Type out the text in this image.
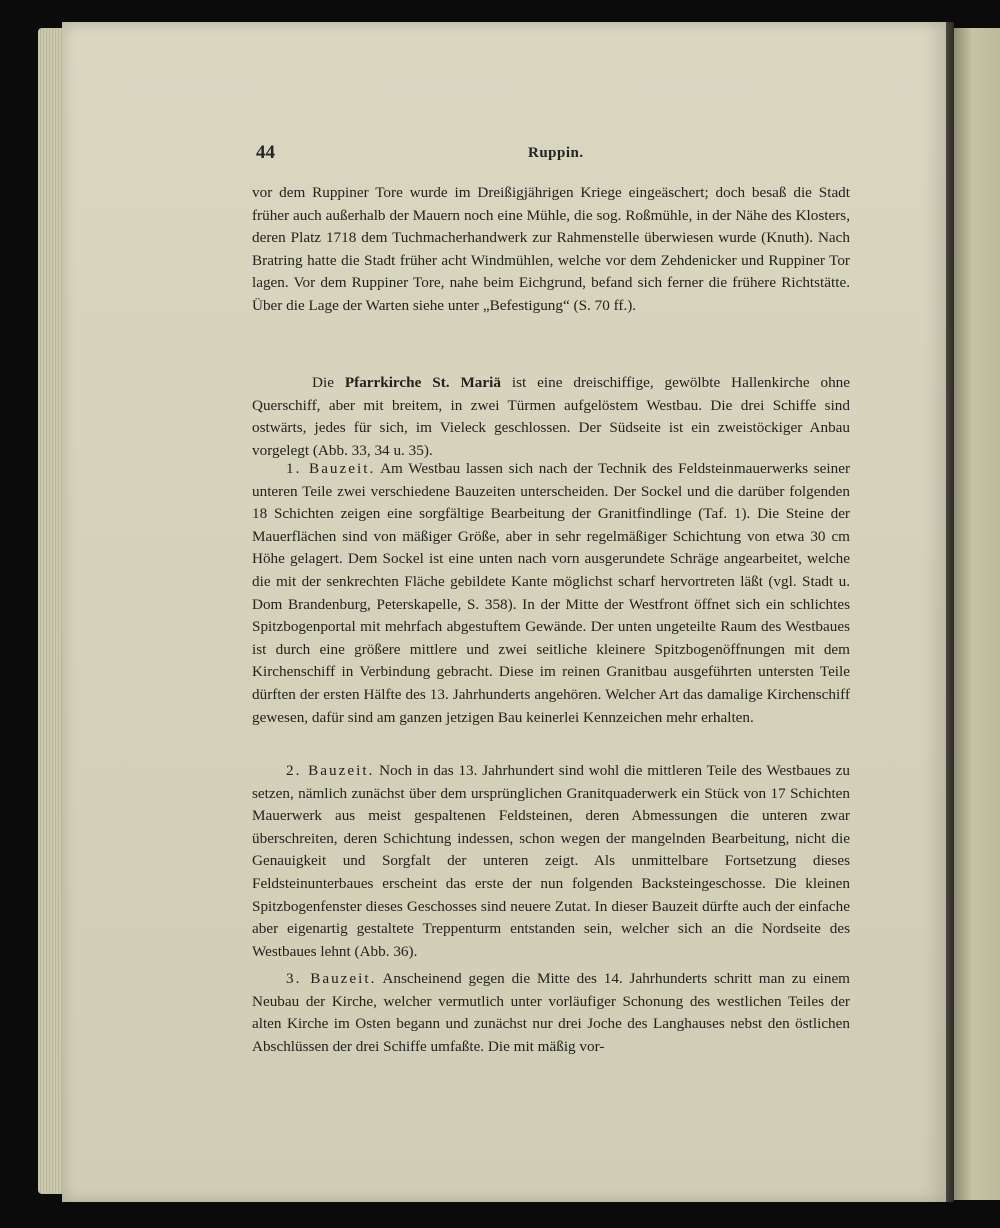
44	Ruppin.

vor dem Ruppiner Tore wurde im Dreißigjährigen Kriege eingeäschert; doch besaß die Stadt früher auch außerhalb der Mauern noch eine Mühle, die sog. Roßmühle, in der Nähe des Klosters, deren Platz 1718 dem Tuchmacherhandwerk zur Rahmenstelle überwiesen wurde (Knuth). Nach Bratring hatte die Stadt früher acht Windmühlen, welche vor dem Zehdenicker und Ruppiner Tor lagen. Vor dem Ruppiner Tore, nahe beim Eichgrund, befand sich ferner die frühere Richtstätte. Über die Lage der Warten siehe unter „Befestigung“ (S. 70 ff.).

Die Pfarrkirche St. Mariä ist eine dreischiffige, gewölbte Hallenkirche ohne Querschiff, aber mit breitem, in zwei Türmen aufgelöstem Westbau. Die drei Schiffe sind ostwärts, jedes für sich, im Vieleck geschlossen. Der Südseite ist ein zweistöckiger Anbau vorgelegt (Abb. 33, 34 u. 35).

1. Bauzeit. Am Westbau lassen sich nach der Technik des Feldsteinmauerwerks seiner unteren Teile zwei verschiedene Bauzeiten unterscheiden. Der Sockel und die darüber folgenden 18 Schichten zeigen eine sorgfältige Bearbeitung der Granitfindlinge (Taf. 1). Die Steine der Mauerflächen sind von mäßiger Größe, aber in sehr regelmäßiger Schichtung von etwa 30 cm Höhe gelagert. Dem Sockel ist eine unten nach vorn ausgerundete Schräge angearbeitet, welche die mit der senkrechten Fläche gebildete Kante möglichst scharf hervortreten läßt (vgl. Stadt u. Dom Brandenburg, Peterskapelle, S. 358). In der Mitte der Westfront öffnet sich ein schlichtes Spitzbogenportal mit mehrfach abgestuftem Gewände. Der unten ungeteilte Raum des Westbaues ist durch eine größere mittlere und zwei seitliche kleinere Spitzbogenöffnungen mit dem Kirchenschiff in Verbindung gebracht. Diese im reinen Granitbau ausgeführten untersten Teile dürften der ersten Hälfte des 13. Jahrhunderts angehören. Welcher Art das damalige Kirchenschiff gewesen, dafür sind am ganzen jetzigen Bau keinerlei Kennzeichen mehr erhalten.

2. Bauzeit. Noch in das 13. Jahrhundert sind wohl die mittleren Teile des Westbaues zu setzen, nämlich zunächst über dem ursprünglichen Granitquaderwerk ein Stück von 17 Schichten Mauerwerk aus meist gespaltenen Feldsteinen, deren Abmessungen die unteren zwar überschreiten, deren Schichtung indessen, schon wegen der mangelnden Bearbeitung, nicht die Genauigkeit und Sorgfalt der unteren zeigt. Als unmittelbare Fortsetzung dieses Feldsteinunterbaues erscheint das erste der nun folgenden Backsteingeschosse. Die kleinen Spitzbogenfenster dieses Geschosses sind neuere Zutat. In dieser Bauzeit dürfte auch der einfache aber eigenartig gestaltete Treppenturm entstanden sein, welcher sich an die Nordseite des Westbaues lehnt (Abb. 36).

3. Bauzeit. Anscheinend gegen die Mitte des 14. Jahrhunderts schritt man zu einem Neubau der Kirche, welcher vermutlich unter vorläufiger Schonung des westlichen Teiles der alten Kirche im Osten begann und zunächst nur drei Joche des Langhauses nebst den östlichen Abschlüssen der drei Schiffe umfaßte. Die mit mäßig vor-
